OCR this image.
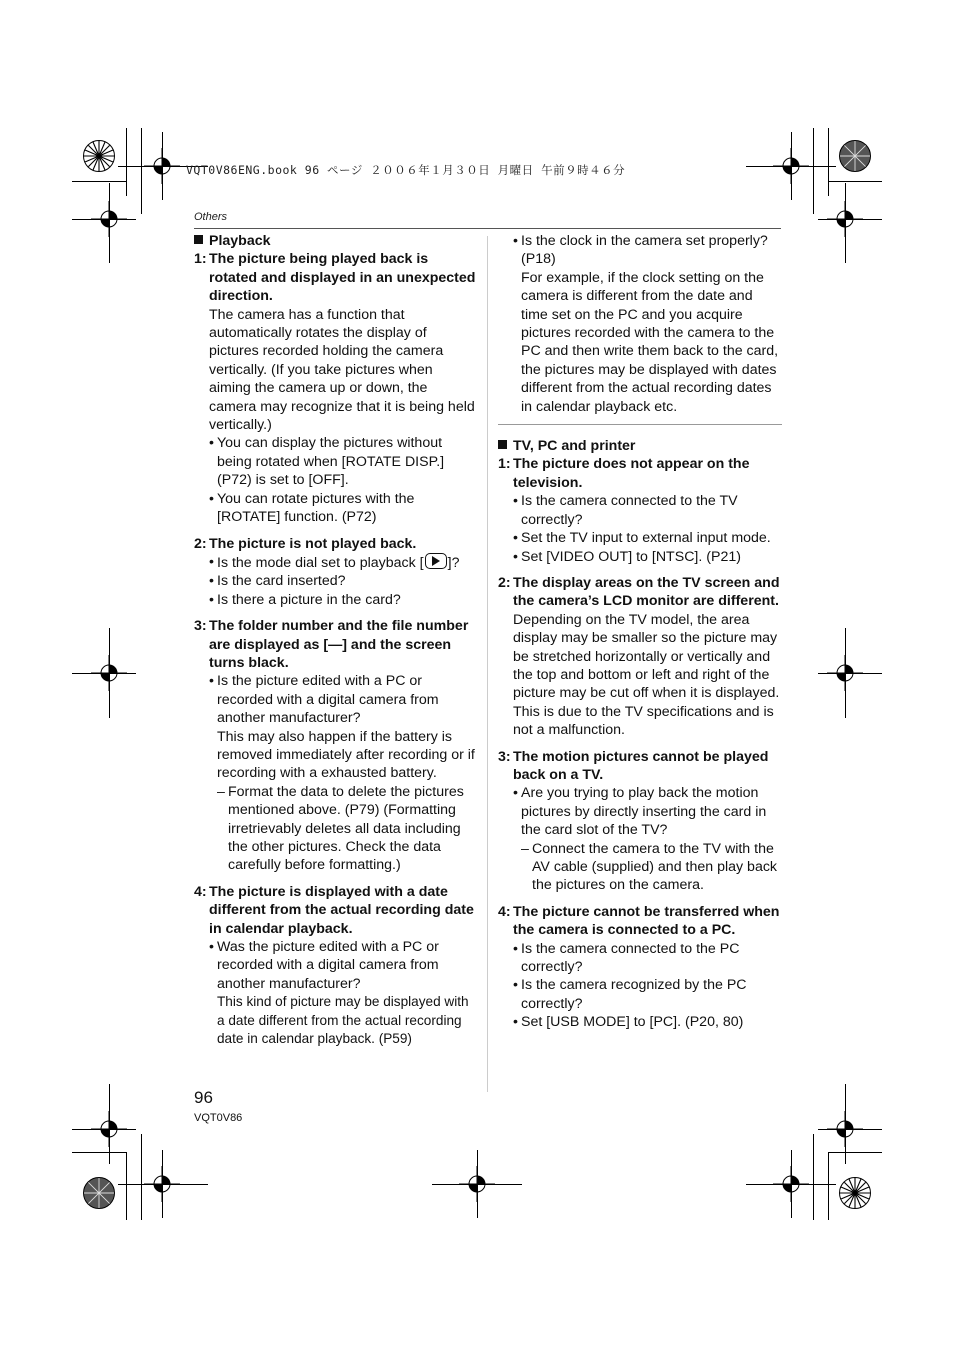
VQT0V86ENG.book 96 ページ ２００６年１月３０日 月曜日 午前９時４６分
Others

Playback

1: The picture being played back is rotated and displayed in an unexpected direction.

The camera has a function that automatically rotates the display of pictures recorded holding the camera vertically. (If you take pictures when aiming the camera up or down, the camera may recognize that it is being held vertically.)

• You can display the pictures without being rotated when [ROTATE DISP.] (P72) is set to [OFF].

• You can rotate pictures with the [ROTATE] function. (P72)

2: The picture is not played back.

• Is the mode dial set to playback [ ]?

• Is the card inserted?

• Is there a picture in the card?

3: The folder number and the file number are displayed as [—] and the screen turns black.

• Is the picture edited with a PC or recorded with a digital camera from another manufacturer?

This may also happen if the battery is removed immediately after recording or if recording with a exhausted battery.

– Format the data to delete the pictures mentioned above. (P79) (Formatting irretrievably deletes all data including the other pictures. Check the data carefully before formatting.)

4: The picture is displayed with a date different from the actual recording date in calendar playback.

• Was the picture edited with a PC or recorded with a digital camera from another manufacturer?

This kind of picture may be displayed with a date different from the actual recording date in calendar playback. (P59)

• Is the clock in the camera set properly? (P18)

For example, if the clock setting on the camera is different from the date and time set on the PC and you acquire pictures recorded with the camera to the PC and then write them back to the card, the pictures may be displayed with dates different from the actual recording dates in calendar playback etc.

TV, PC and printer

1: The picture does not appear on the television.

• Is the camera connected to the TV correctly?

• Set the TV input to external input mode.

• Set [VIDEO OUT] to [NTSC]. (P21)

2: The display areas on the TV screen and the camera’s LCD monitor are different.

Depending on the TV model, the area display may be smaller so the picture may be stretched horizontally or vertically and the top and bottom or left and right of the picture may be cut off when it is displayed. This is due to the TV specifications and is not a malfunction.

3: The motion pictures cannot be played back on a TV.

• Are you trying to play back the motion pictures by directly inserting the card in the card slot of the TV?

– Connect the camera to the TV with the AV cable (supplied) and then play back the pictures on the camera.

4: The picture cannot be transferred when the camera is connected to a PC.

• Is the camera connected to the PC correctly?

• Is the camera recognized by the PC correctly?

• Set [USB MODE] to [PC]. (P20, 80)

96
VQT0V86
